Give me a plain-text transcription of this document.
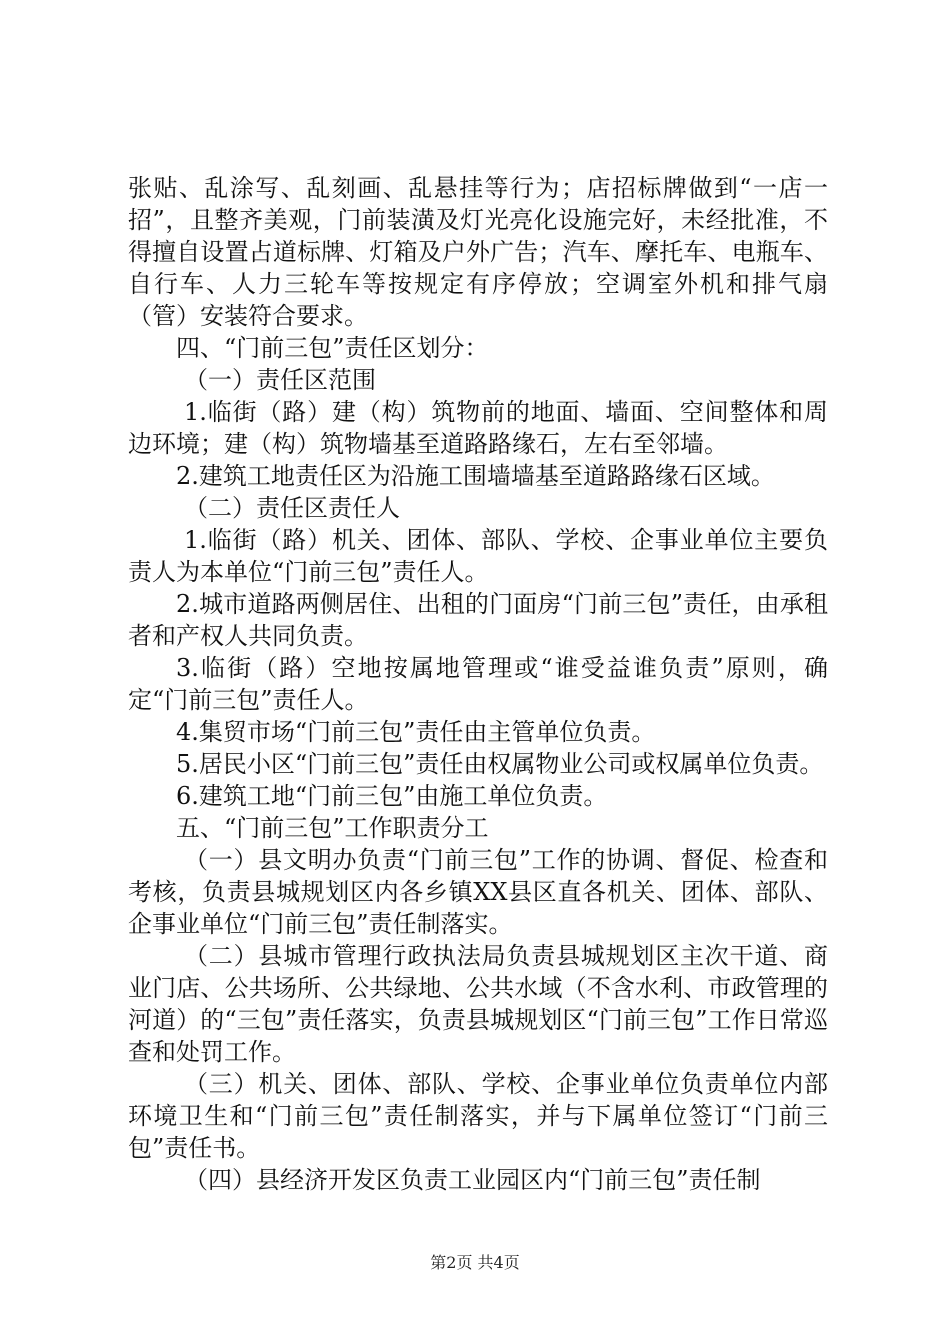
张贴、乱涂写、乱刻画、乱悬挂等行为；店招标牌做到“一店一招”，且整齐美观，门前装潢及灯光亮化设施完好，未经批准，不得擅自设置占道标牌、灯箱及户外广告；汽车、摩托车、电瓶车、自行车、人力三轮车等按规定有序停放；空调室外机和排气扇（管）安装符合要求。

四、“门前三包”责任区划分：

（一）责任区范围

1.临街（路）建（构）筑物前的地面、墙面、空间整体和周边环境；建（构）筑物墙基至道路路缘石，左右至邻墙。

2.建筑工地责任区为沿施工围墙墙基至道路路缘石区域。

（二）责任区责任人

1.临街（路）机关、团体、部队、学校、企事业单位主要负责人为本单位“门前三包”责任人。

2.城市道路两侧居住、出租的门面房“门前三包”责任，由承租者和产权人共同负责。

3.临街（路）空地按属地管理或“谁受益谁负责”原则，确定“门前三包”责任人。

4.集贸市场“门前三包”责任由主管单位负责。

5.居民小区“门前三包”责任由权属物业公司或权属单位负责。

6.建筑工地“门前三包”由施工单位负责。

五、“门前三包”工作职责分工

（一）县文明办负责“门前三包”工作的协调、督促、检查和考核，负责县城规划区内各乡镇XX县区直各机关、团体、部队、企事业单位“门前三包”责任制落实。

（二）县城市管理行政执法局负责县城规划区主次干道、商业门店、公共场所、公共绿地、公共水域（不含水利、市政管理的河道）的“三包”责任落实，负责县城规划区“门前三包”工作日常巡查和处罚工作。

（三）机关、团体、部队、学校、企事业单位负责单位内部环境卫生和“门前三包”责任制落实，并与下属单位签订“门前三包”责任书。

（四）县经济开发区负责工业园区内“门前三包”责任制

第2页 共4页
